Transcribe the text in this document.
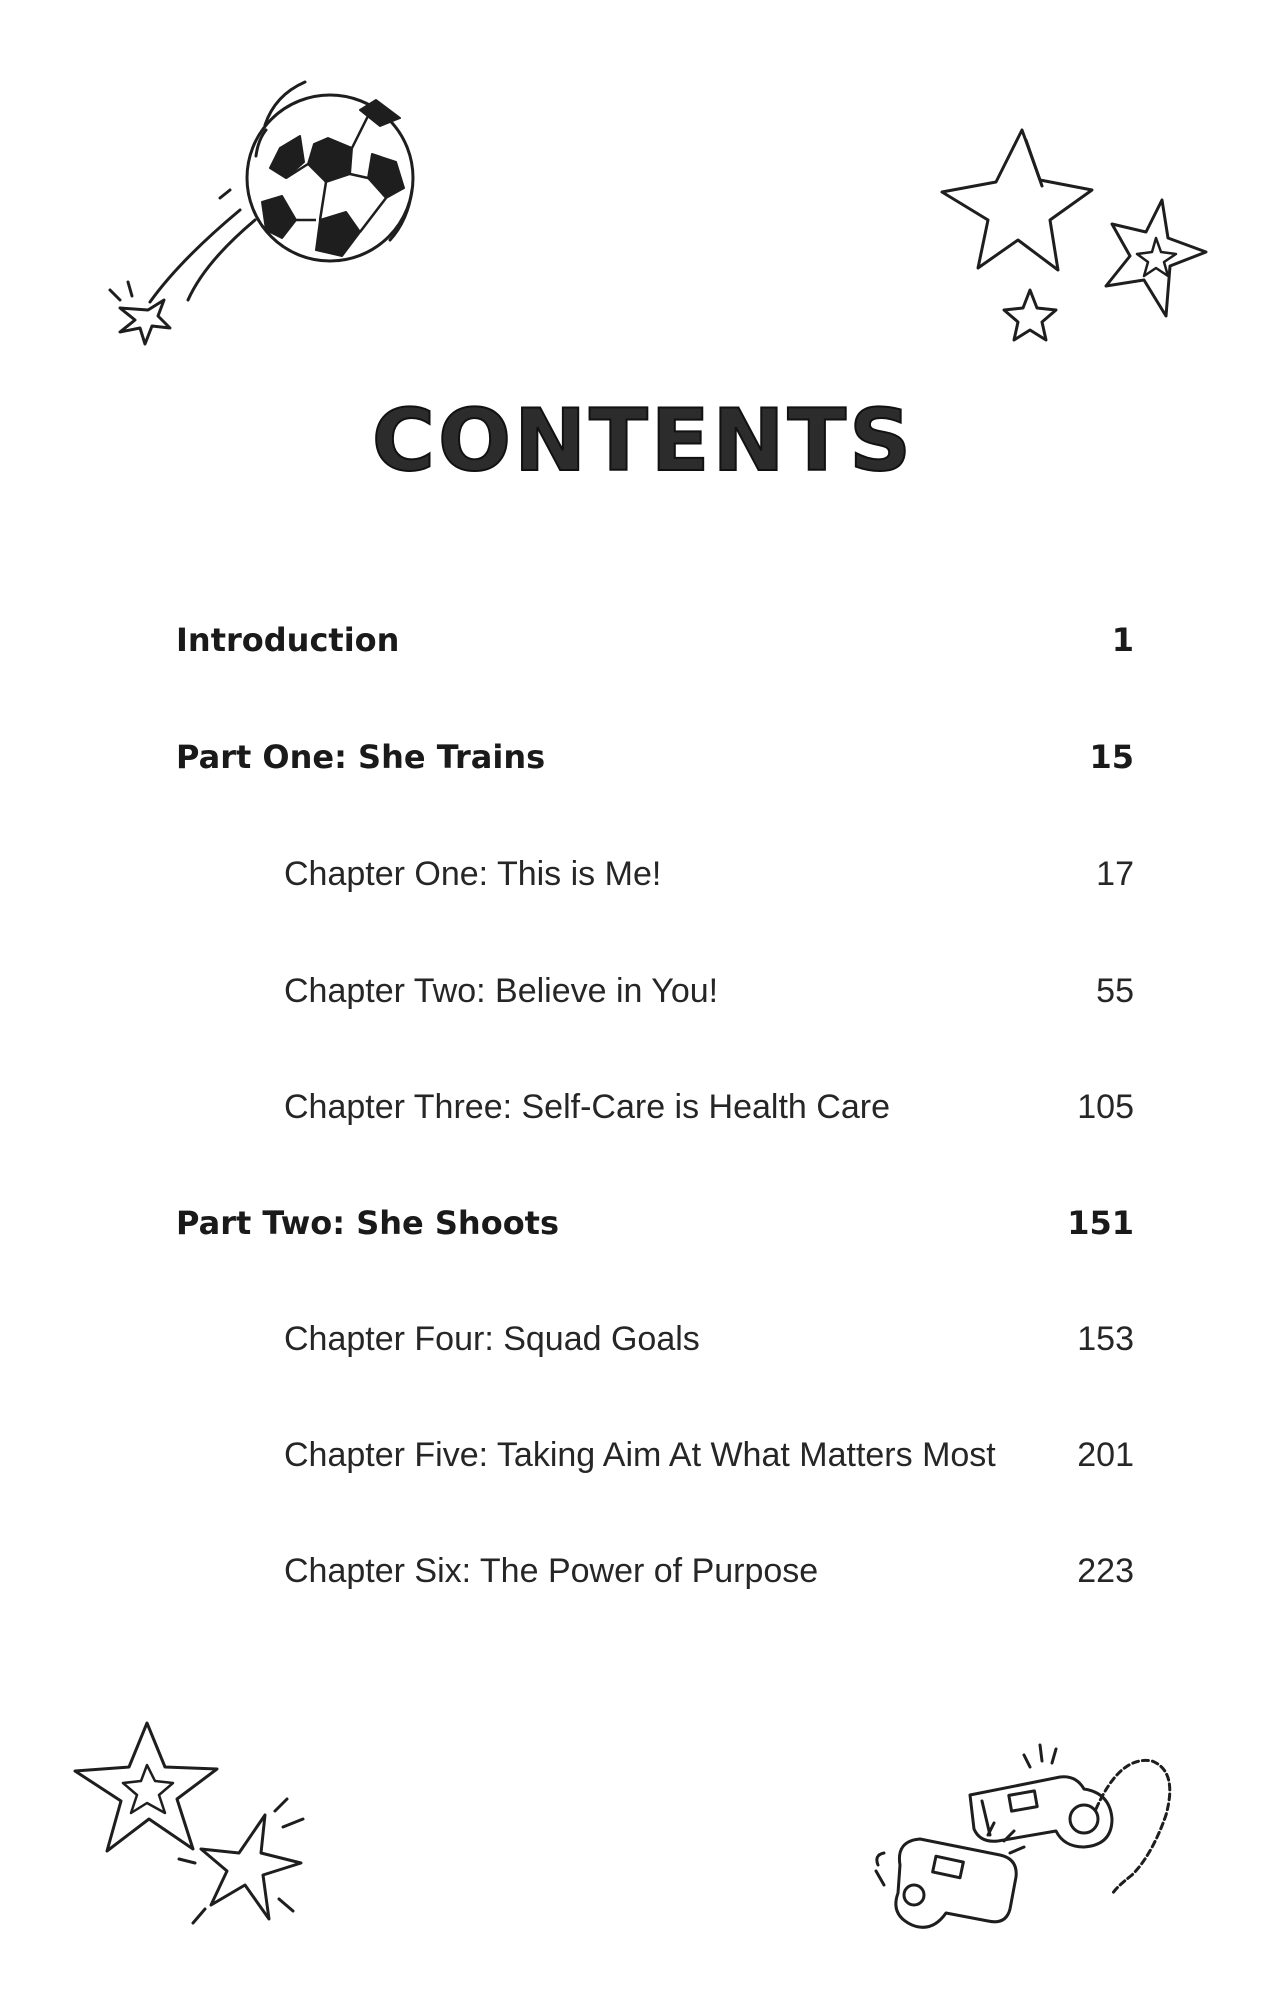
CONTENTS
Introduction	1
Part One: She Trains	15
Chapter One: This is Me!	17
Chapter Two: Believe in You!	55
Chapter Three: Self-Care is Health Care	105
Part Two: She Shoots	151
Chapter Four: Squad Goals	153
Chapter Five: Taking Aim At What Matters Most 201
Chapter Six: The Power of Purpose	223
